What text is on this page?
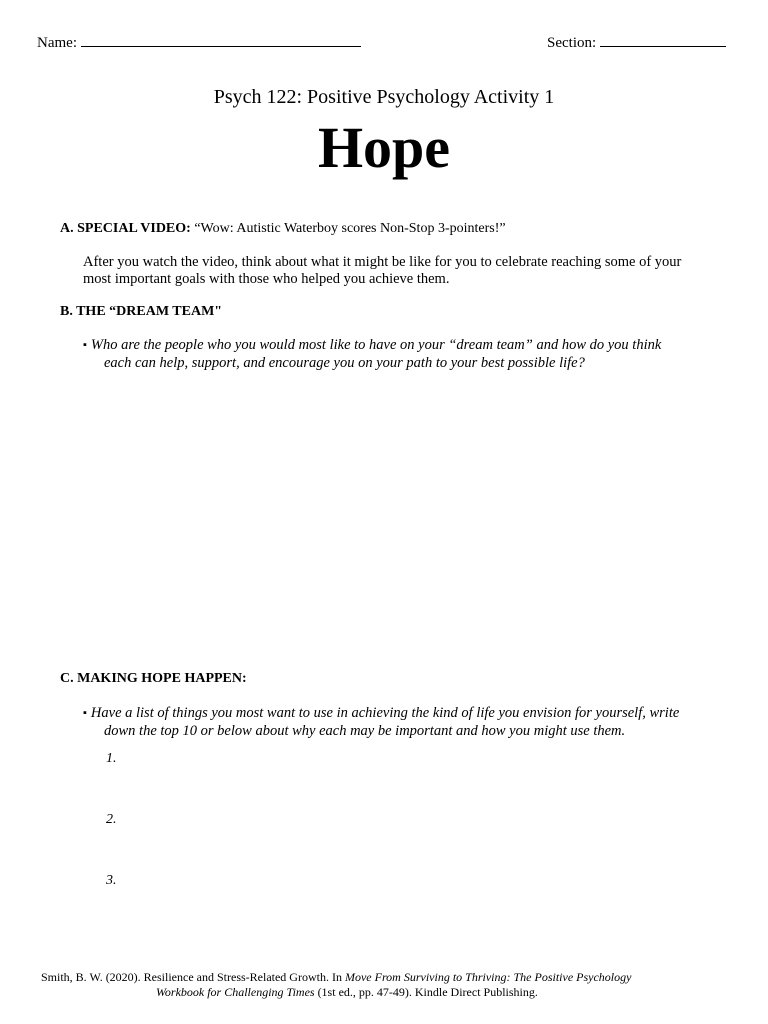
Name:	Section:
Psych 122: Positive Psychology Activity 1
Hope
A. SPECIAL VIDEO: “Wow: Autistic Waterboy scores Non-Stop 3-pointers!”
After you watch the video, think about what it might be like for you to celebrate reaching some of your
most important goals with those who helped you achieve them.
B. THE “DREAM TEAM"
▪ Who are the people who you would most like to have on your “dream team” and how do you think
each can help, support, and encourage you on your path to your best possible life?
C. MAKING HOPE HAPPEN:
▪ Have a list of things you most want to use in achieving the kind of life you envision for yourself, write
down the top 10 or below about why each may be important and how you might use them.
1.
2.
3.
Smith, B. W. (2020). Resilience and Stress-Related Growth. In Move From Surviving to Thriving: The Positive Psychology
Workbook for Challenging Times (1st ed., pp. 47-49). Kindle Direct Publishing.
